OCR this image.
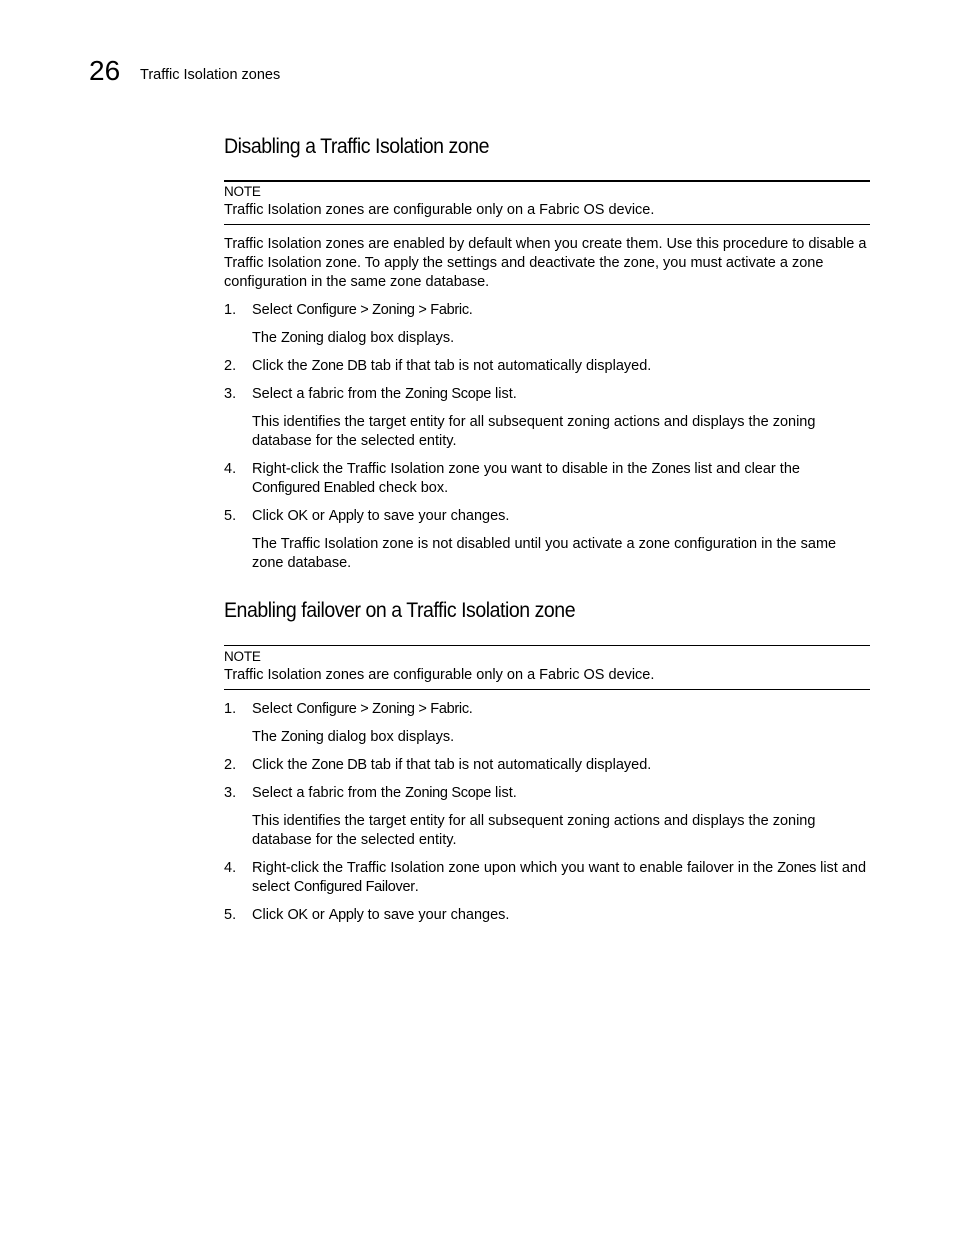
26 Traffic Isolation zones
Disabling a Traffic Isolation zone
NOTE
Traffic Isolation zones are configurable only on a Fabric OS device.
Traffic Isolation zones are enabled by default when you create them. Use this procedure to disable a Traffic Isolation zone. To apply the settings and deactivate the zone, you must activate a zone configuration in the same zone database.
1.	Select Configure > Zoning > Fabric.
The Zoning dialog box displays.
2.	Click the Zone DB tab if that tab is not automatically displayed.
3.	Select a fabric from the Zoning Scope list.
This identifies the target entity for all subsequent zoning actions and displays the zoning database for the selected entity.
4.	Right-click the Traffic Isolation zone you want to disable in the Zones list and clear the Configured Enabled check box.
5.	Click OK or Apply to save your changes.
The Traffic Isolation zone is not disabled until you activate a zone configuration in the same zone database.
Enabling failover on a Traffic Isolation zone
NOTE
Traffic Isolation zones are configurable only on a Fabric OS device.
1.	Select Configure > Zoning > Fabric.
The Zoning dialog box displays.
2.	Click the Zone DB tab if that tab is not automatically displayed.
3.	Select a fabric from the Zoning Scope list.
This identifies the target entity for all subsequent zoning actions and displays the zoning database for the selected entity.
4.	Right-click the Traffic Isolation zone upon which you want to enable failover in the Zones list and select Configured Failover.
5.	Click OK or Apply to save your changes.
